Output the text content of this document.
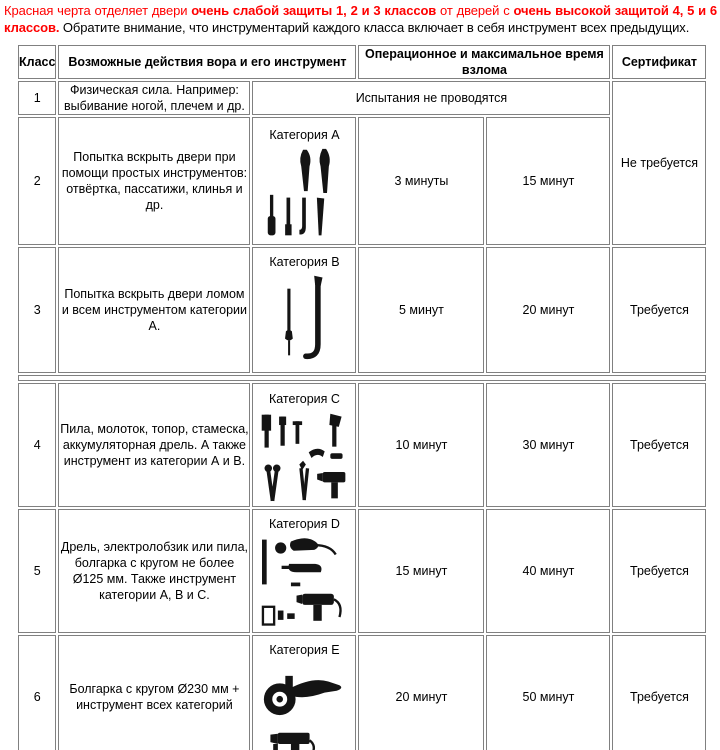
Красная черта отделяет двери очень слабой защиты 1, 2 и 3 классов от дверей с очень высокой защитой 4, 5 и 6 классов. Обратите внимание, что инструментарий каждого класса включает в себя инструмент всех предыдущих.
Класс	Возможные действия вора и его инструмент		Операционное и максимальное время взлома		Сертификат
1	Физическая сила. Например: выбивание ногой, плечем и др.	Испытания не проводятся			Не требуется
2	Попытка вскрыть двери при помощи простых инструментов: отвёртка, пассатижи, клинья и др.	Категория A	3 минуты	15 минут	
3	Попытка вскрыть двери ломом и всем инструментом категории А.	Категория B	5 минут	20 минут	Требуется

4	Пила, молоток, топор, стамеска, аккумуляторная дрель. А также инструмент из категории А и В.	Категория C	10 минут	30 минут	Требуется
5	Дрель, электролобзик или пила, болгарка с кругом не более Ø125 мм. Также инструмент категории А, В и С.	Категория D	15 минут	40 минут	Требуется
6	Болгарка с кругом Ø230 мм + инструмент всех категорий	Категория E	20 минут	50 минут	Требуется
